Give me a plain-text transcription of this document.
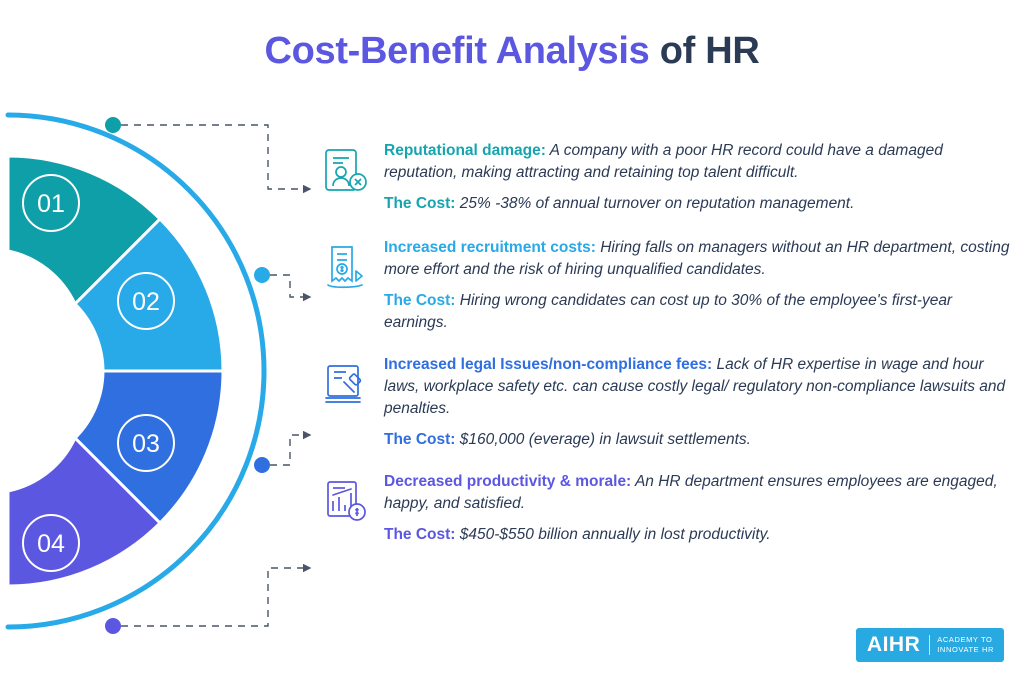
Cost-Benefit Analysis of HR
01
02
03
04

Reputational damage: A company with a poor HR record could have a damaged reputation, making attracting and retaining top talent difficult.

The Cost: 25% -38% of annual turnover on reputation management.

Increased recruitment costs: Hiring falls on managers without an HR department, costing more effort and the risk of hiring unqualified candidates.

The Cost: Hiring wrong candidates can cost up to 30% of the employee's first-year earnings.

Increased legal Issues/non-compliance fees: Lack of HR expertise in wage and hour laws, workplace safety etc. can cause costly legal/ regulatory non-compliance lawsuits and penalties.

The Cost: $160,000 (everage) in lawsuit settlements.

Decreased productivity & morale: An HR department ensures employees are engaged, happy, and satisfied.

The Cost: $450-$550 billion annually in lost productivity.

AIHR	ACADEMY TO
INNOVATE HR
